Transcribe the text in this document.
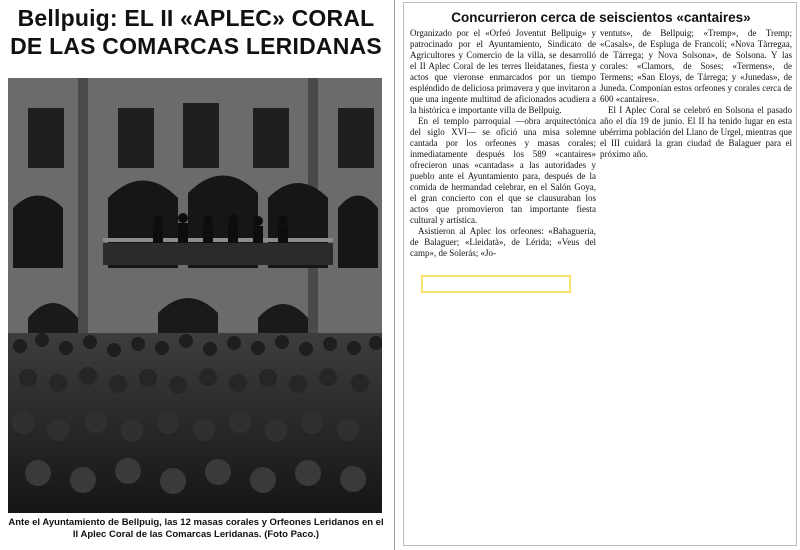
Bellpuig: EL II «APLEC» CORAL DE LAS COMARCAS LERIDANAS

Ante el Ayuntamiento de Bellpuig, las 12 masas corales y Orfeones Leridanos en el II Aplec Coral de las Comarcas Leridanas. (Foto Paco.)

Concurrieron cerca de seiscientos «cantaires»

Organizado por el «Orfeó Joventut Bellpuig» y patrocinado por el Ayuntamiento, Sindicato de Agricultores y Comercio de la villa, se desarrolló el II Aplec Coral de les terres lleidatanes, fiesta y actos que vieronse enmarcados por un tiempo espléndido de deliciosa primavera y que invitaron a que una ingente multitud de aficionados acudiera a la histórica e importante villa de Bellpuig.

En el templo parroquial —obra arquitectónica del siglo XVI— se ofició una misa solemne cantada por los orfeones y masas corales; inmediatamente después los 589 «cantaires» ofrecieron unas «cantadas» a las autoridades y pueblo ante el Ayuntamiento para, después de la comida de hermandad celebrar, en el Salón Goya, el gran concierto con el que se clausuraban los actos que promovieron tan importante fiesta cultural y artística.

Asistieron al Aplec los orfeones: «Bahaguería, de Balaguer; «Lleidatà», de Lérida; «Veus del camp», de Solerás; «Jo-

ventuts», de Bellpuig; «Tremp», de Tremp; «Casals», de Espluga de Francolí; «Nova Tàrregaa, de Tárrega; y Nova Solsona», de Solsona. Y las corales: «Clamors, de Soses; «Termens», de Termens; «San Eloys, de Tárrega; y «Junedas», de Juneda. Componían estos orfeones y corales cerca de 600 «cantaires».

El I Aplec Coral se celebró en Solsona el pasado año el día 19 de junio. El II ha tenido lugar en esta ubérrima población del Llano de Urgel, mientras que el III cuidará la gran ciudad de Balaguer para el próximo año.
